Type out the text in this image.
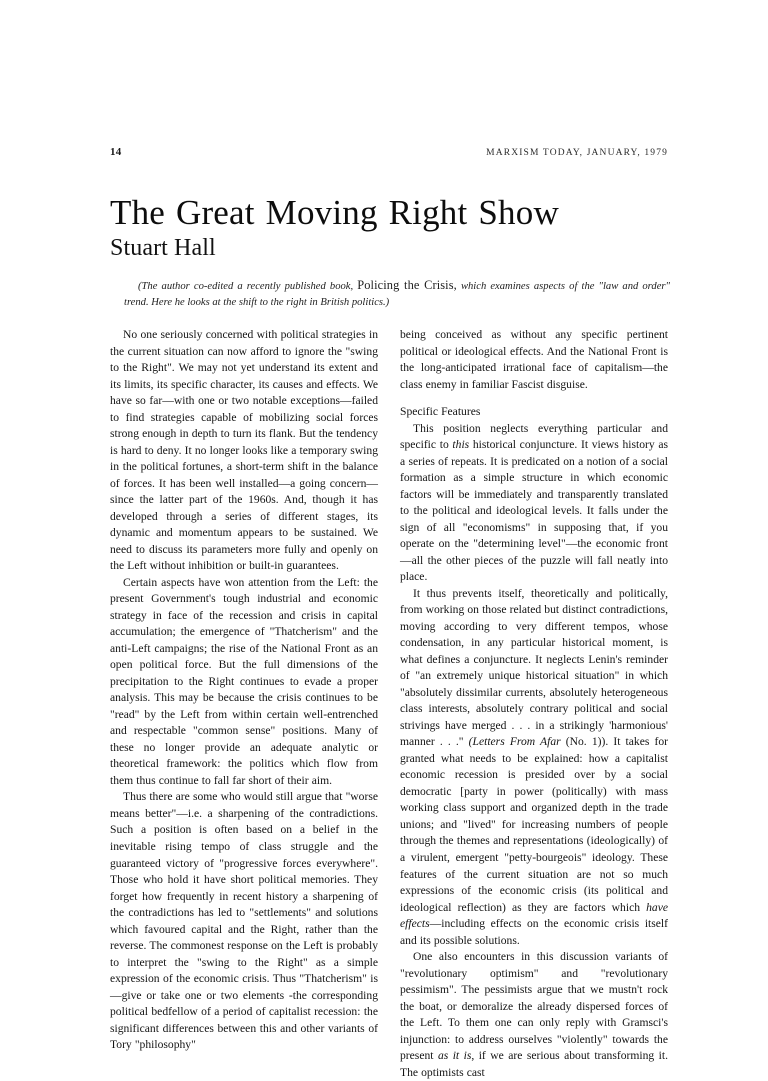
14	MARXISM TODAY, JANUARY, 1979
The Great Moving Right Show
Stuart Hall
(The author co-edited a recently published book, Policing the Crisis, which examines aspects of the "law and order" trend. Here he looks at the shift to the right in British politics.)

No one seriously concerned with political strategies in the current situation can now afford to ignore the "swing to the Right". We may not yet understand its extent and its limits, its specific character, its causes and effects. We have so far—with one or two notable exceptions—failed to find strategies capable of mobilizing social forces strong enough in depth to turn its flank. But the tendency is hard to deny. It no longer looks like a temporary swing in the political fortunes, a short-term shift in the balance of forces. It has been well installed—a going concern—since the latter part of the 1960s. And, though it has developed through a series of different stages, its dynamic and momentum appears to be sustained. We need to discuss its parameters more fully and openly on the Left without inhibition or built-in guarantees.

Certain aspects have won attention from the Left: the present Government's tough industrial and economic strategy in face of the recession and crisis in capital accumulation; the emergence of "Thatcherism" and the anti-Left campaigns; the rise of the National Front as an open political force. But the full dimensions of the precipitation to the Right continues to evade a proper analysis. This may be because the crisis continues to be "read" by the Left from within certain well-entrenched and respectable "common sense" positions. Many of these no longer provide an adequate analytic or theoretical framework: the politics which flow from them thus continue to fall far short of their aim.

Thus there are some who would still argue that "worse means better"—i.e. a sharpening of the contradictions. Such a position is often based on a belief in the inevitable rising tempo of class struggle and the guaranteed victory of "progressive forces everywhere". Those who hold it have short political memories. They forget how frequently in recent history a sharpening of the contradictions has led to "settlements" and solutions which favoured capital and the Right, rather than the reverse. The commonest response on the Left is probably to interpret the "swing to the Right" as a simple expression of the economic crisis. Thus "Thatcherism" is—give or take one or two elements -the corresponding political bedfellow of a period of capitalist recession: the significant differences between this and other variants of Tory "philosophy"

being conceived as without any specific pertinent political or ideological effects. And the National Front is the long-anticipated irrational face of capitalism—the class enemy in familiar Fascist disguise.

Specific Features

This position neglects everything particular and specific to this historical conjuncture. It views history as a series of repeats. It is predicated on a notion of a social formation as a simple structure in which economic factors will be immediately and transparently translated to the political and ideological levels. It falls under the sign of all "economisms" in supposing that, if you operate on the "determining level"—the economic front—all the other pieces of the puzzle will fall neatly into place.

It thus prevents itself, theoretically and politically, from working on those related but distinct contradictions, moving according to very different tempos, whose condensation, in any particular historical moment, is what defines a conjuncture. It neglects Lenin's reminder of "an extremely unique historical situation" in which "absolutely dissimilar currents, absolutely heterogeneous class interests, absolutely contrary political and social strivings have merged . . . in a strikingly 'harmonious' manner . . ." (Letters From Afar (No. 1)). It takes for granted what needs to be explained: how a capitalist economic recession is presided over by a social democratic [party in power (politically) with mass working class support and organized depth in the trade unions; and "lived" for increasing numbers of people through the themes and representations (ideologically) of a virulent, emergent "petty-bourgeois" ideology. These features of the current situation are not so much expressions of the economic crisis (its political and ideological reflection) as they are factors which have effects—including effects on the economic crisis itself and its possible solutions.

One also encounters in this discussion variants of "revolutionary optimism" and "revolutionary pessimism". The pessimists argue that we mustn't rock the boat, or demoralize the already dispersed forces of the Left. To them one can only reply with Gramsci's injunction: to address ourselves "violently" towards the present as it is, if we are serious about transforming it. The optimists cast
